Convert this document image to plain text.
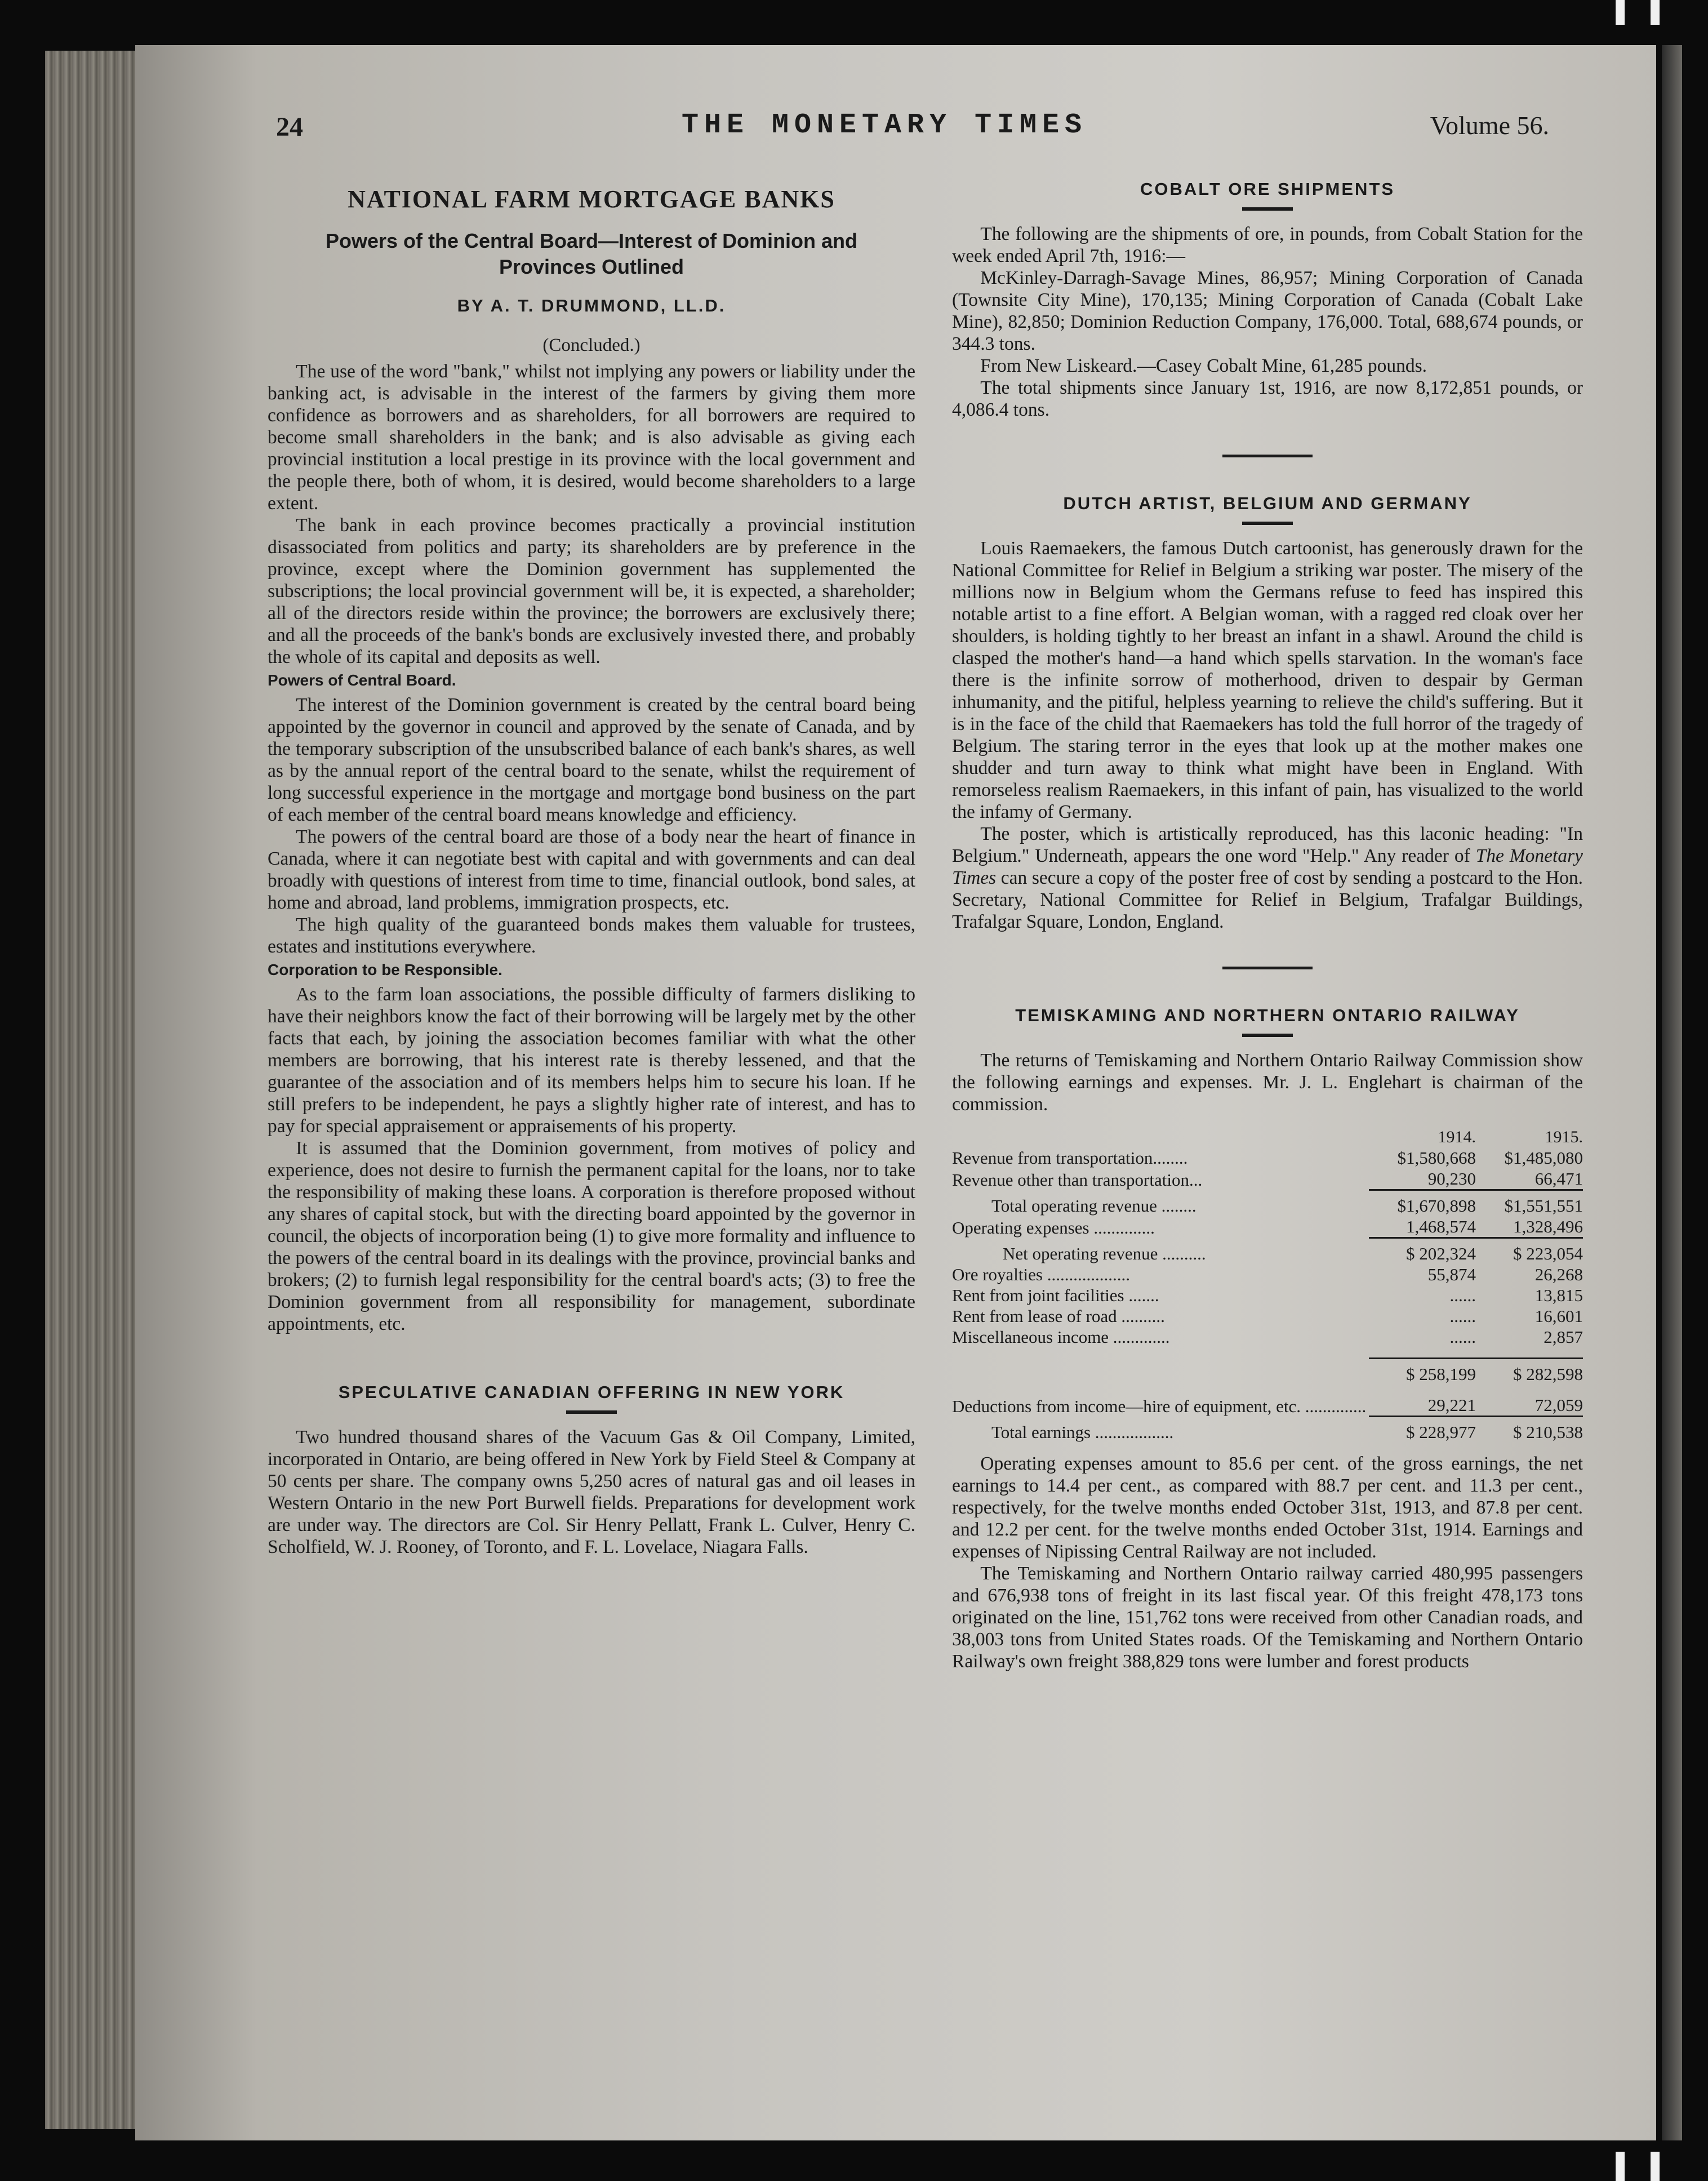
24	THE MONETARY TIMES	Volume 56.
NATIONAL FARM MORTGAGE BANKS
Powers of the Central Board—Interest of Dominion and Provinces Outlined
BY A. T. DRUMMOND, LL.D.
(Concluded.)

The use of the word "bank," whilst not implying any powers or liability under the banking act, is advisable in the interest of the farmers by giving them more confidence as borrowers and as shareholders, for all borrowers are required to become small shareholders in the bank; and is also advisable as giving each provincial institution a local prestige in its province with the local government and the people there, both of whom, it is desired, would become shareholders to a large extent.

The bank in each province becomes practically a provincial institution disassociated from politics and party; its shareholders are by preference in the province, except where the Dominion government has supplemented the subscriptions; the local provincial government will be, it is expected, a shareholder; all of the directors reside within the province; the borrowers are exclusively there; and all the proceeds of the bank's bonds are exclusively invested there, and probably the whole of its capital and deposits as well.

Powers of Central Board.

The interest of the Dominion government is created by the central board being appointed by the governor in council and approved by the senate of Canada, and by the temporary subscription of the unsubscribed balance of each bank's shares, as well as by the annual report of the central board to the senate, whilst the requirement of long successful experience in the mortgage and mortgage bond business on the part of each member of the central board means knowledge and efficiency.

The powers of the central board are those of a body near the heart of finance in Canada, where it can negotiate best with capital and with governments and can deal broadly with questions of interest from time to time, financial outlook, bond sales, at home and abroad, land problems, immigration prospects, etc.

The high quality of the guaranteed bonds makes them valuable for trustees, estates and institutions everywhere.

Corporation to be Responsible.

As to the farm loan associations, the possible difficulty of farmers disliking to have their neighbors know the fact of their borrowing will be largely met by the other facts that each, by joining the association becomes familiar with what the other members are borrowing, that his interest rate is thereby lessened, and that the guarantee of the association and of its members helps him to secure his loan. If he still prefers to be independent, he pays a slightly higher rate of interest, and has to pay for special appraisement or appraisements of his property.

It is assumed that the Dominion government, from motives of policy and experience, does not desire to furnish the permanent capital for the loans, nor to take the responsibility of making these loans. A corporation is therefore proposed without any shares of capital stock, but with the directing board appointed by the governor in council, the objects of incorporation being (1) to give more formality and influence to the powers of the central board in its dealings with the province, provincial banks and brokers; (2) to furnish legal responsibility for the central board's acts; (3) to free the Dominion government from all responsibility for management, subordinate appointments, etc.

SPECULATIVE CANADIAN OFFERING IN NEW YORK

Two hundred thousand shares of the Vacuum Gas & Oil Company, Limited, incorporated in Ontario, are being offered in New York by Field Steel & Company at 50 cents per share. The company owns 5,250 acres of natural gas and oil leases in Western Ontario in the new Port Burwell fields. Preparations for development work are under way. The directors are Col. Sir Henry Pellatt, Frank L. Culver, Henry C. Scholfield, W. J. Rooney, of Toronto, and F. L. Lovelace, Niagara Falls.

COBALT ORE SHIPMENTS

The following are the shipments of ore, in pounds, from Cobalt Station for the week ended April 7th, 1916:—

McKinley-Darragh-Savage Mines, 86,957; Mining Corporation of Canada (Townsite City Mine), 170,135; Mining Corporation of Canada (Cobalt Lake Mine), 82,850; Dominion Reduction Company, 176,000. Total, 688,674 pounds, or 344.3 tons.

From New Liskeard.—Casey Cobalt Mine, 61,285 pounds.

The total shipments since January 1st, 1916, are now 8,172,851 pounds, or 4,086.4 tons.

DUTCH ARTIST, BELGIUM AND GERMANY

Louis Raemaekers, the famous Dutch cartoonist, has generously drawn for the National Committee for Relief in Belgium a striking war poster. The misery of the millions now in Belgium whom the Germans refuse to feed has inspired this notable artist to a fine effort. A Belgian woman, with a ragged red cloak over her shoulders, is holding tightly to her breast an infant in a shawl. Around the child is clasped the mother's hand—a hand which spells starvation. In the woman's face there is the infinite sorrow of motherhood, driven to despair by German inhumanity, and the pitiful, helpless yearning to relieve the child's suffering. But it is in the face of the child that Raemaekers has told the full horror of the tragedy of Belgium. The staring terror in the eyes that look up at the mother makes one shudder and turn away to think what might have been in England. With remorseless realism Raemaekers, in this infant of pain, has visualized to the world the infamy of Germany.

The poster, which is artistically reproduced, has this laconic heading: "In Belgium." Underneath, appears the one word "Help." Any reader of The Monetary Times can secure a copy of the poster free of cost by sending a postcard to the Hon. Secretary, National Committee for Relief in Belgium, Trafalgar Buildings, Trafalgar Square, London, England.

TEMISKAMING AND NORTHERN ONTARIO RAILWAY

The returns of Temiskaming and Northern Ontario Railway Commission show the following earnings and expenses. Mr. J. L. Englehart is chairman of the commission.

	1914.	1915.
Revenue from transportation........	$1,580,668	$1,485,080
Revenue other than transportation...	90,230	66,471

Total operating revenue ........	$1,670,898	$1,551,551
Operating expenses ..............	1,468,574	1,328,496

Net operating revenue ..........	$ 202,324	$ 223,054
Ore royalties ...................	55,874	26,268
Rent from joint facilities .......	......	13,815
Rent from lease of road ..........	......	16,601
Miscellaneous income .............	......	2,857

	$ 258,199	$ 282,598

Deductions from income—hire of equipment, etc. ..............	29,221	72,059

Total earnings ..................	$ 228,977	$ 210,538

Operating expenses amount to 85.6 per cent. of the gross earnings, the net earnings to 14.4 per cent., as compared with 88.7 per cent. and 11.3 per cent., respectively, for the twelve months ended October 31st, 1913, and 87.8 per cent. and 12.2 per cent. for the twelve months ended October 31st, 1914. Earnings and expenses of Nipissing Central Railway are not included.

The Temiskaming and Northern Ontario railway carried 480,995 passengers and 676,938 tons of freight in its last fiscal year. Of this freight 478,173 tons originated on the line, 151,762 tons were received from other Canadian roads, and 38,003 tons from United States roads. Of the Temiskaming and Northern Ontario Railway's own freight 388,829 tons were lumber and forest products
